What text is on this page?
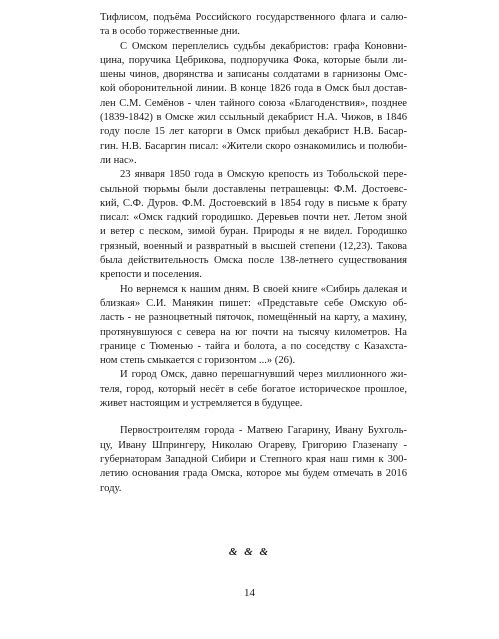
Тифлисом, подъёма Российского государственного флага и салю-
та в особо торжественные дни.
С Омском переплелись судьбы декабристов: графа Коновни-
цина, поручика Цебрикова, подпоручика Фока, которые были ли-
шены чинов, дворянства и записаны солдатами в гарнизоны Омс-
кой оборонительной линии. В конце 1826 года в Омск был достав-
лен С.М. Семёнов - член тайного союза «Благоденствия», позднее
(1839-1842) в Омске жил ссыльный декабрист Н.А. Чижов, в 1846
году после 15 лет каторги в Омск прибыл декабрист Н.В. Басар-
гин. Н.В. Басаргин писал: «Жители скоро ознакомились и полюби-
ли нас».
23 января 1850 года в Омскую крепость из Тобольской пере-
сыльной тюрьмы были доставлены петрашевцы: Ф.М. Достоевс-
кий, С.Ф. Дуров. Ф.М. Достоевский в 1854 году в письме к брату
писал: «Омск гадкий городишко. Деревьев почти нет. Летом зной
и ветер с песком, зимой буран. Природы я не видел. Городишко
грязный, военный и развратный в высшей степени (12,23). Такова
была действительность Омска после 138-летнего существования
крепости и поселения.
Но вернемся к нашим дням. В своей книге «Сибирь далекая и
близкая» С.И. Манякин пишет: «Представьте себе Омскую об-
ласть - не разноцветный пяточок, помещённый на карту, а махину,
протянувшуюся с севера на юг почти на тысячу километров. На
границе с Тюменью - тайга и болота, а по соседству с Казахста-
ном степь смыкается с горизонтом ...» (26).
И город Омск, давно перешагнувший через миллионного жи-
теля, город, который несёт в себе богатое историческое прошлое,
живет настоящим и устремляется в будущее.
Первостроителям города - Матвею Гагарину, Ивану Бухголь-
цу, Ивану Шпрингеру, Николаю Огареву, Григорию Глазенапу -
губернаторам Западной Сибири и Степного края наш гимн к 300-
летию основания града Омска, которое мы будем отмечать в 2016
году.
& & &
14
